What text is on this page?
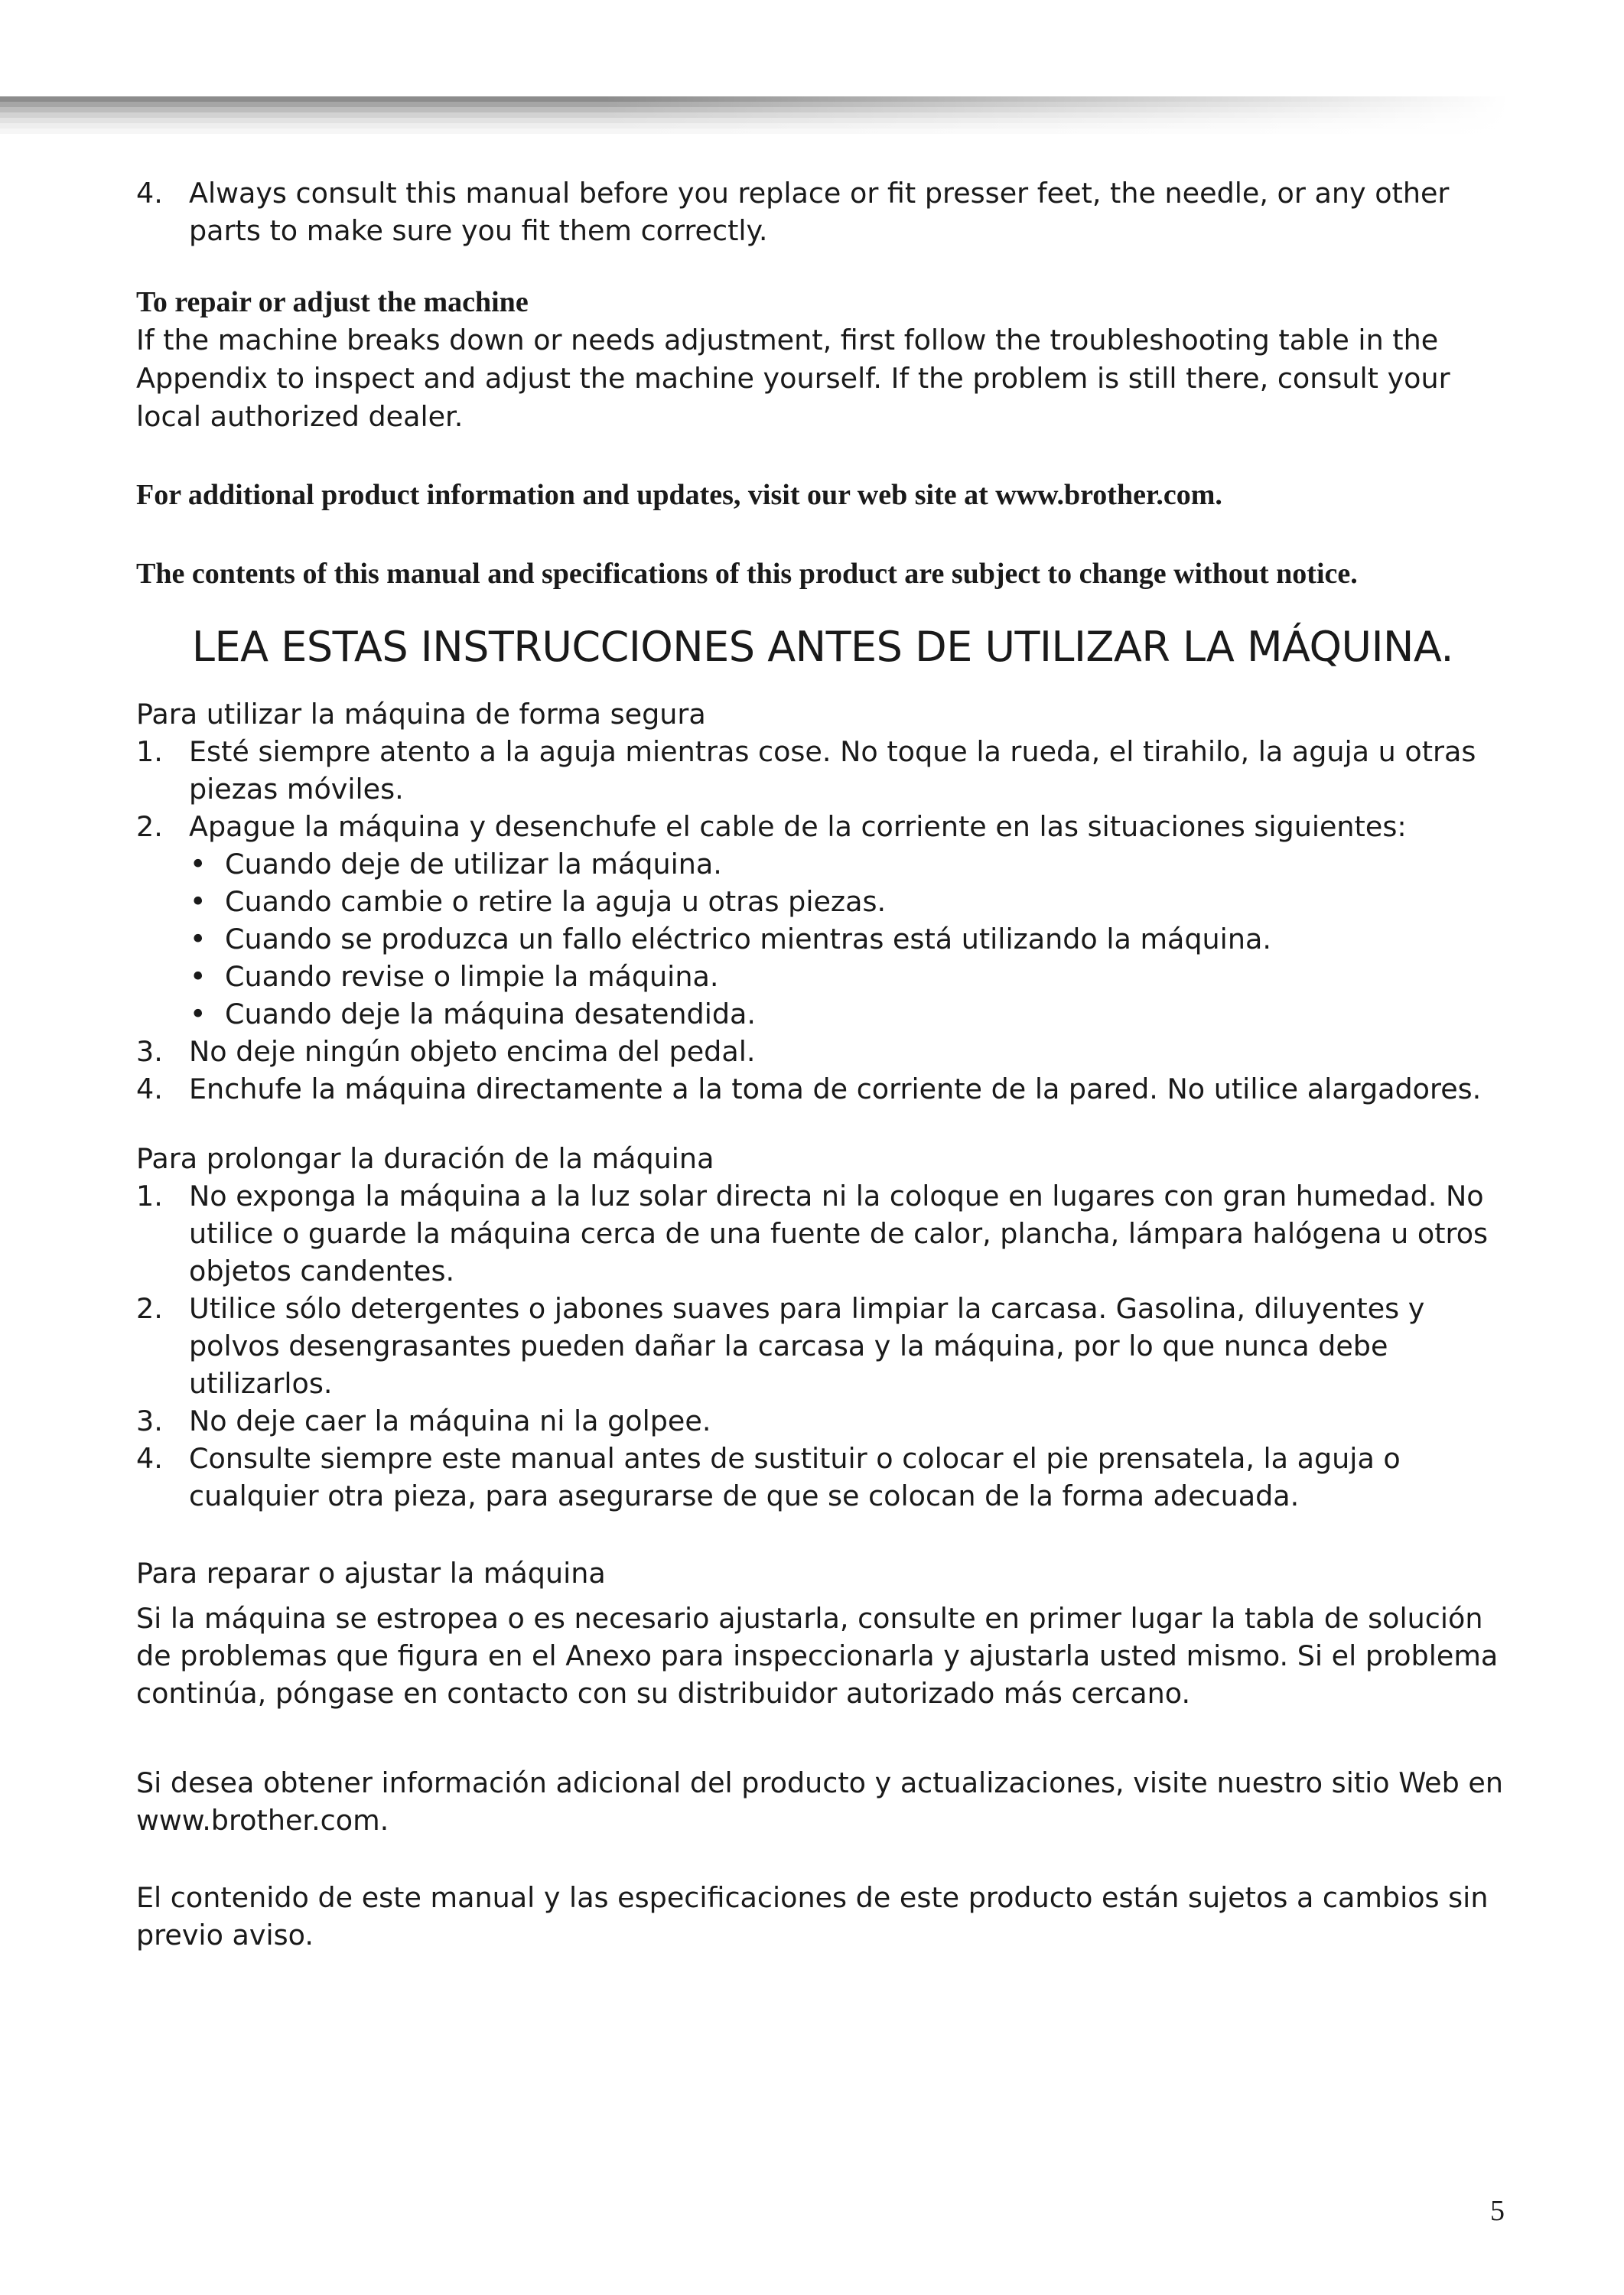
4. Always consult this manual before you replace or fit presser feet, the needle, or any other parts to make sure you fit them correctly.

To repair or adjust the machine

If the machine breaks down or needs adjustment, first follow the troubleshooting table in the Appendix to inspect and adjust the machine yourself. If the problem is still there, consult your local authorized dealer.

For additional product information and updates, visit our web site at www.brother.com.

The contents of this manual and specifications of this product are subject to change without notice.

LEA ESTAS INSTRUCCIONES ANTES DE UTILIZAR LA MÁQUINA.

Para utilizar la máquina de forma segura

1. Esté siempre atento a la aguja mientras cose. No toque la rueda, el tirahilo, la aguja u otras piezas móviles.
2. Apague la máquina y desenchufe el cable de la corriente en las situaciones siguientes:
• Cuando deje de utilizar la máquina.
• Cuando cambie o retire la aguja u otras piezas.
• Cuando se produzca un fallo eléctrico mientras está utilizando la máquina.
• Cuando revise o limpie la máquina.
• Cuando deje la máquina desatendida.
3. No deje ningún objeto encima del pedal.
4. Enchufe la máquina directamente a la toma de corriente de la pared. No utilice alargadores.

Para prolongar la duración de la máquina

1. No exponga la máquina a la luz solar directa ni la coloque en lugares con gran humedad. No utilice o guarde la máquina cerca de una fuente de calor, plancha, lámpara halógena u otros objetos candentes.
2. Utilice sólo detergentes o jabones suaves para limpiar la carcasa. Gasolina, diluyentes y polvos desengrasantes pueden dañar la carcasa y la máquina, por lo que nunca debe utilizarlos.
3. No deje caer la máquina ni la golpee.
4. Consulte siempre este manual antes de sustituir o colocar el pie prensatela, la aguja o cualquier otra pieza, para asegurarse de que se colocan de la forma adecuada.

Para reparar o ajustar la máquina

Si la máquina se estropea o es necesario ajustarla, consulte en primer lugar la tabla de solución de problemas que figura en el Anexo para inspeccionarla y ajustarla usted mismo. Si el problema continúa, póngase en contacto con su distribuidor autorizado más cercano.

Si desea obtener información adicional del producto y actualizaciones, visite nuestro sitio Web en www.brother.com.

El contenido de este manual y las especificaciones de este producto están sujetos a cambios sin previo aviso.

5
